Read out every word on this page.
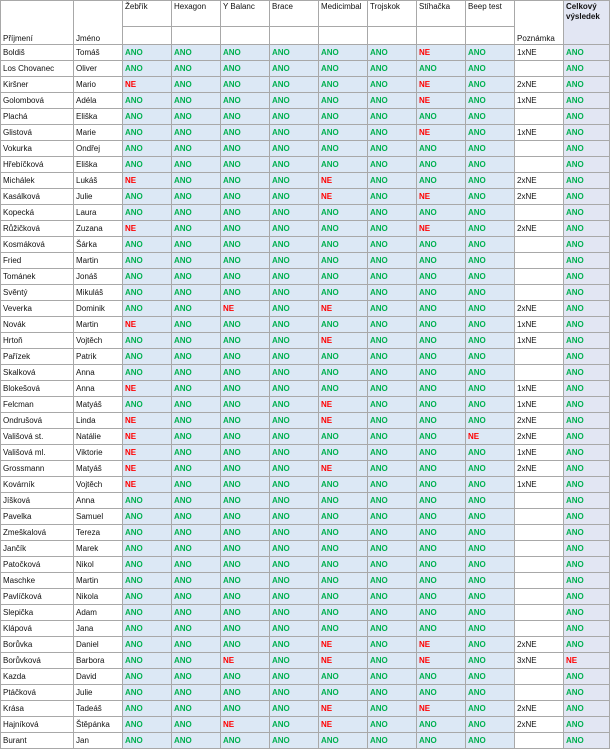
Příjmení	Jméno	Žebřík	Hexagon	Y Balanc	Brace	Medicimbal	Trojskok	Stíhačka	Beep test	Poznámka	Celkový výsledek

Boldiš	Tomáš	ANO	ANO	ANO	ANO	ANO	ANO	NE	ANO	1xNE	ANO
Los Chovanec	Oliver	ANO	ANO	ANO	ANO	ANO	ANO	ANO	ANO		ANO
Kiršner	Mario	NE	ANO	ANO	ANO	ANO	ANO	NE	ANO	2xNE	ANO
Golombová	Adéla	ANO	ANO	ANO	ANO	ANO	ANO	NE	ANO	1xNE	ANO
Plachá	Eliška	ANO	ANO	ANO	ANO	ANO	ANO	ANO	ANO		ANO
Glistová	Marie	ANO	ANO	ANO	ANO	ANO	ANO	NE	ANO	1xNE	ANO
Vokurka	Ondřej	ANO	ANO	ANO	ANO	ANO	ANO	ANO	ANO		ANO
Hřebíčková	Eliška	ANO	ANO	ANO	ANO	ANO	ANO	ANO	ANO		ANO
Michálek	Lukáš	NE	ANO	ANO	ANO	NE	ANO	ANO	ANO	2xNE	ANO
Kasálková	Julie	ANO	ANO	ANO	ANO	NE	ANO	NE	ANO	2xNE	ANO
Kopecká	Laura	ANO	ANO	ANO	ANO	ANO	ANO	ANO	ANO		ANO
Růžičková	Zuzana	NE	ANO	ANO	ANO	ANO	ANO	NE	ANO	2xNE	ANO
Kosmáková	Šárka	ANO	ANO	ANO	ANO	ANO	ANO	ANO	ANO		ANO
Fried	Martin	ANO	ANO	ANO	ANO	ANO	ANO	ANO	ANO		ANO
Tománek	Jonáš	ANO	ANO	ANO	ANO	ANO	ANO	ANO	ANO		ANO
Svěntý	Mikuláš	ANO	ANO	ANO	ANO	ANO	ANO	ANO	ANO		ANO
Veverka	Dominik	ANO	ANO	NE	ANO	NE	ANO	ANO	ANO	2xNE	ANO
Novák	Martin	NE	ANO	ANO	ANO	ANO	ANO	ANO	ANO	1xNE	ANO
Hrtoň	Vojtěch	ANO	ANO	ANO	ANO	NE	ANO	ANO	ANO	1xNE	ANO
Pařízek	Patrik	ANO	ANO	ANO	ANO	ANO	ANO	ANO	ANO		ANO
Skalková	Anna	ANO	ANO	ANO	ANO	ANO	ANO	ANO	ANO		ANO
Blokešová	Anna	NE	ANO	ANO	ANO	ANO	ANO	ANO	ANO	1xNE	ANO
Felcman	Matyáš	ANO	ANO	ANO	ANO	NE	ANO	ANO	ANO	1xNE	ANO
Ondrušová	Linda	NE	ANO	ANO	ANO	NE	ANO	ANO	ANO	2xNE	ANO
Vališová st.	Natálie	NE	ANO	ANO	ANO	ANO	ANO	ANO	NE	2xNE	ANO
Vališová ml.	Viktorie	NE	ANO	ANO	ANO	ANO	ANO	ANO	ANO	1xNE	ANO
Grossmann	Matyáš	NE	ANO	ANO	ANO	NE	ANO	ANO	ANO	2xNE	ANO
Kovárník	Vojtěch	NE	ANO	ANO	ANO	ANO	ANO	ANO	ANO	1xNE	ANO
Jíšková	Anna	ANO	ANO	ANO	ANO	ANO	ANO	ANO	ANO		ANO
Pavelka	Samuel	ANO	ANO	ANO	ANO	ANO	ANO	ANO	ANO		ANO
Zmeškalová	Tereza	ANO	ANO	ANO	ANO	ANO	ANO	ANO	ANO		ANO
Jančík	Marek	ANO	ANO	ANO	ANO	ANO	ANO	ANO	ANO		ANO
Patočková	Nikol	ANO	ANO	ANO	ANO	ANO	ANO	ANO	ANO		ANO
Maschke	Martin	ANO	ANO	ANO	ANO	ANO	ANO	ANO	ANO		ANO
Pavlíčková	Nikola	ANO	ANO	ANO	ANO	ANO	ANO	ANO	ANO		ANO
Slepička	Adam	ANO	ANO	ANO	ANO	ANO	ANO	ANO	ANO		ANO
Klápová	Jana	ANO	ANO	ANO	ANO	ANO	ANO	ANO	ANO		ANO
Borůvka	Daniel	ANO	ANO	ANO	ANO	NE	ANO	NE	ANO	2xNE	ANO
Borůvková	Barbora	ANO	ANO	NE	ANO	NE	ANO	NE	ANO	3xNE	NE
Kazda	David	ANO	ANO	ANO	ANO	ANO	ANO	ANO	ANO		ANO
Ptáčková	Julie	ANO	ANO	ANO	ANO	ANO	ANO	ANO	ANO		ANO
Krása	Tadeáš	ANO	ANO	ANO	ANO	NE	ANO	NE	ANO	2xNE	ANO
Hajníková	Štěpánka	ANO	ANO	NE	ANO	NE	ANO	ANO	ANO	2xNE	ANO
Burant	Jan	ANO	ANO	ANO	ANO	ANO	ANO	ANO	ANO		ANO
